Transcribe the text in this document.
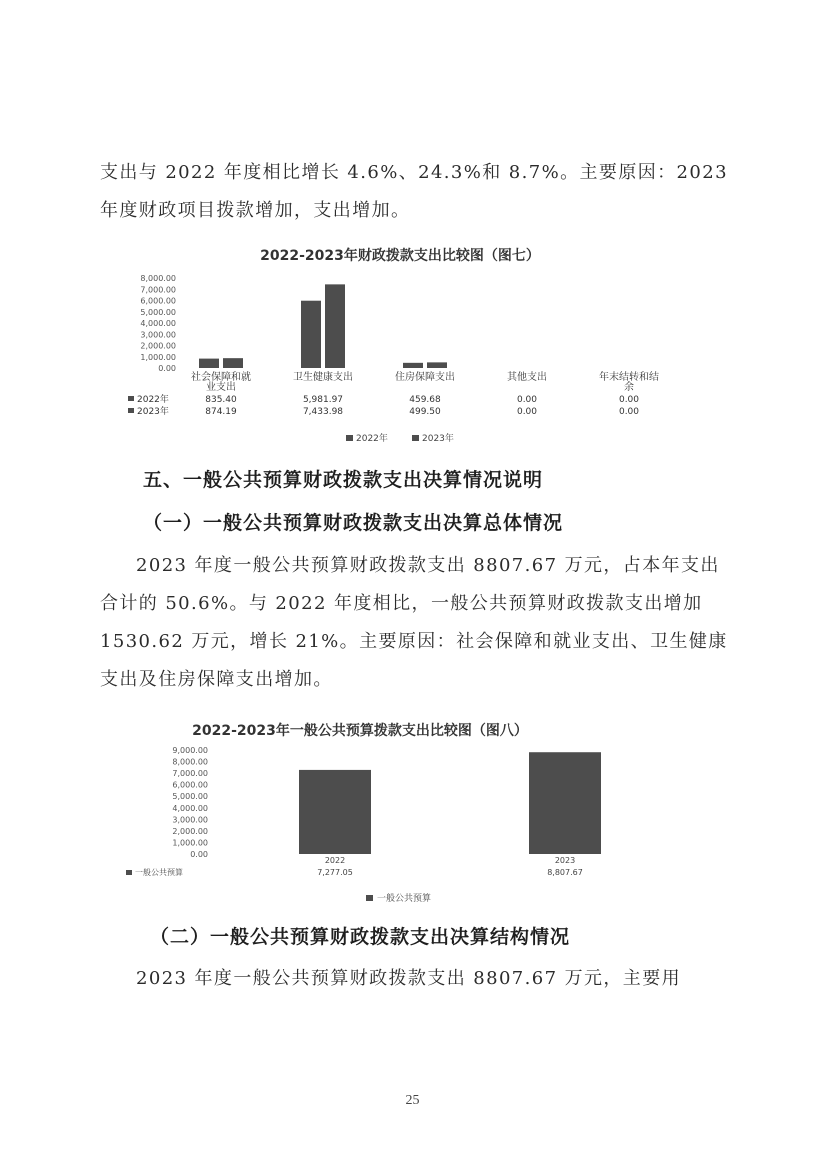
支出与 2022 年度相比增长 4.6%、24.3%和 8.7%。主要原因：2023 年度财政项目拨款增加，支出增加。

2022-2023年财政拨款支出比较图（图七）
8,000.00
7,000.00
6,000.00
5,000.00
4,000.00
3,000.00
2,000.00
1,000.00
0.00
社会保障和就
业支出
卫生健康支出	住房保障支出	其他支出	年末结转和结
余
2022年	835.40	5,981.97	459.68	0.00	0.00
2023年	874.19	7,433.98	499.50	0.00	0.00
2022年	2023年
五、一般公共预算财政拨款支出决算情况说明
（一）一般公共预算财政拨款支出决算总体情况

2023 年度一般公共预算财政拨款支出 8807.67 万元，占本年支出合计的 50.6%。与 2022 年度相比，一般公共预算财政拨款支出增加 1530.62 万元，增长 21%。主要原因：社会保障和就业支出、卫生健康支出及住房保障支出增加。

2022-2023年一般公共预算拨款支出比较图（图八）
9,000.00
8,000.00
7,000.00
6,000.00
5,000.00
4,000.00
3,000.00
2,000.00
1,000.00
0.00
2022	2023
7,277.05	8,807.67
一般公共预算
一般公共预算
（二）一般公共预算财政拨款支出决算结构情况

2023 年度一般公共预算财政拨款支出 8807.67 万元，主要用

25
